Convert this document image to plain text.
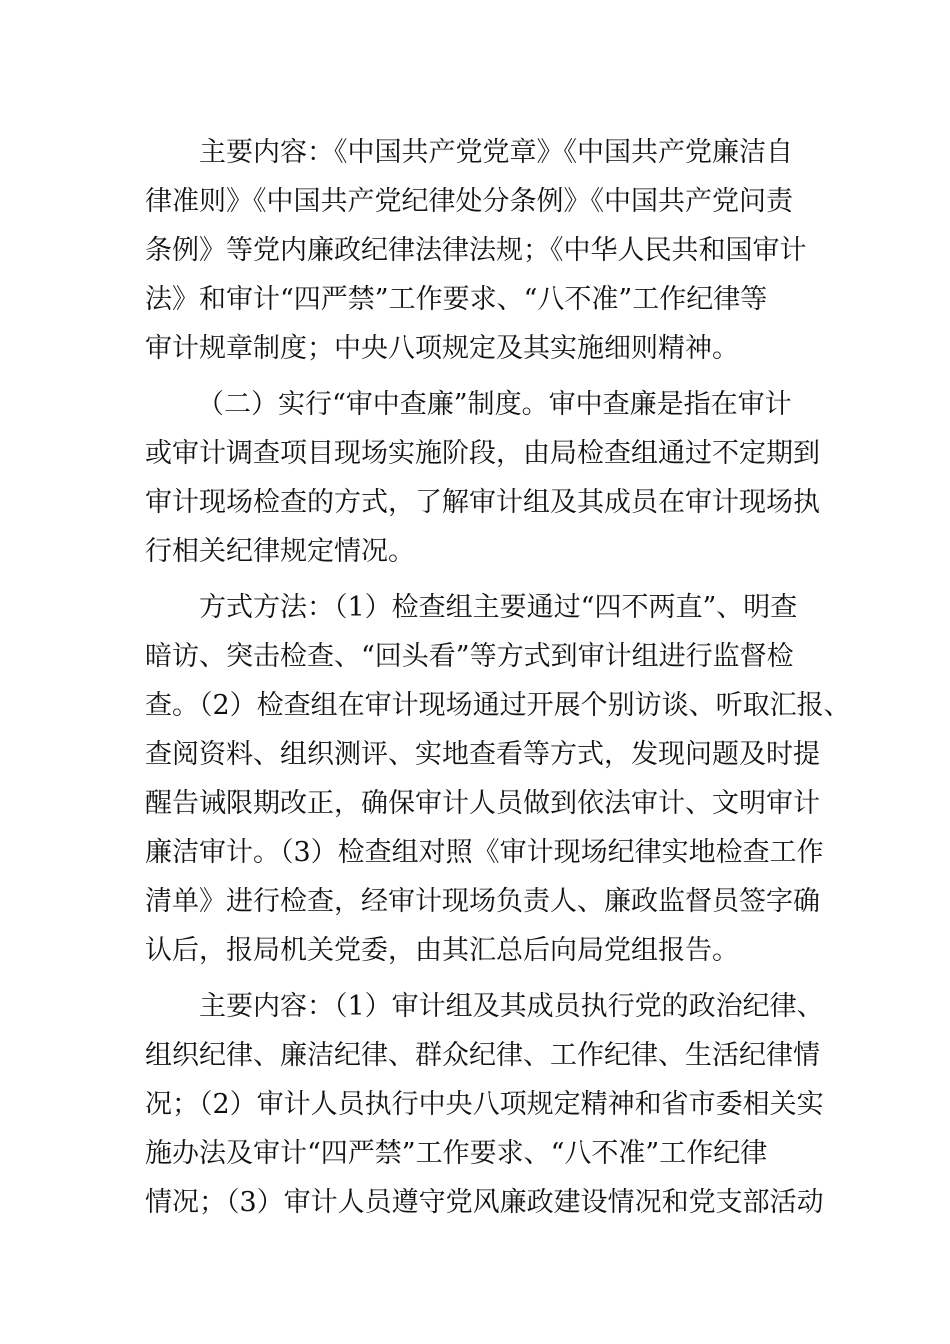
主要内容：《中国共产党党章》《中国共产党廉洁自
律准则》《中国共产党纪律处分条例》《中国共产党问责
条例》等党内廉政纪律法律法规；《中华人民共和国审计
法》和审计“四严禁”工作要求、“八不准”工作纪律等
审计规章制度；中央八项规定及其实施细则精神。
（二）实行“审中查廉”制度。审中查廉是指在审计
或审计调查项目现场实施阶段，由局检查组通过不定期到
审计现场检查的方式，了解审计组及其成员在审计现场执
行相关纪律规定情况。
方式方法：（1）检查组主要通过“四不两直”、明查
暗访、突击检查、“回头看”等方式到审计组进行监督检
查。（2）检查组在审计现场通过开展个别访谈、听取汇报、
查阅资料、组织测评、实地查看等方式，发现问题及时提
醒告诫限期改正，确保审计人员做到依法审计、文明审计
廉洁审计。（3）检查组对照《审计现场纪律实地检查工作
清单》进行检查，经审计现场负责人、廉政监督员签字确
认后，报局机关党委，由其汇总后向局党组报告。
主要内容：（1）审计组及其成员执行党的政治纪律、
组织纪律、廉洁纪律、群众纪律、工作纪律、生活纪律情
况；（2）审计人员执行中央八项规定精神和省市委相关实
施办法及审计“四严禁”工作要求、“八不准”工作纪律
情况；（3）审计人员遵守党风廉政建设情况和党支部活动
